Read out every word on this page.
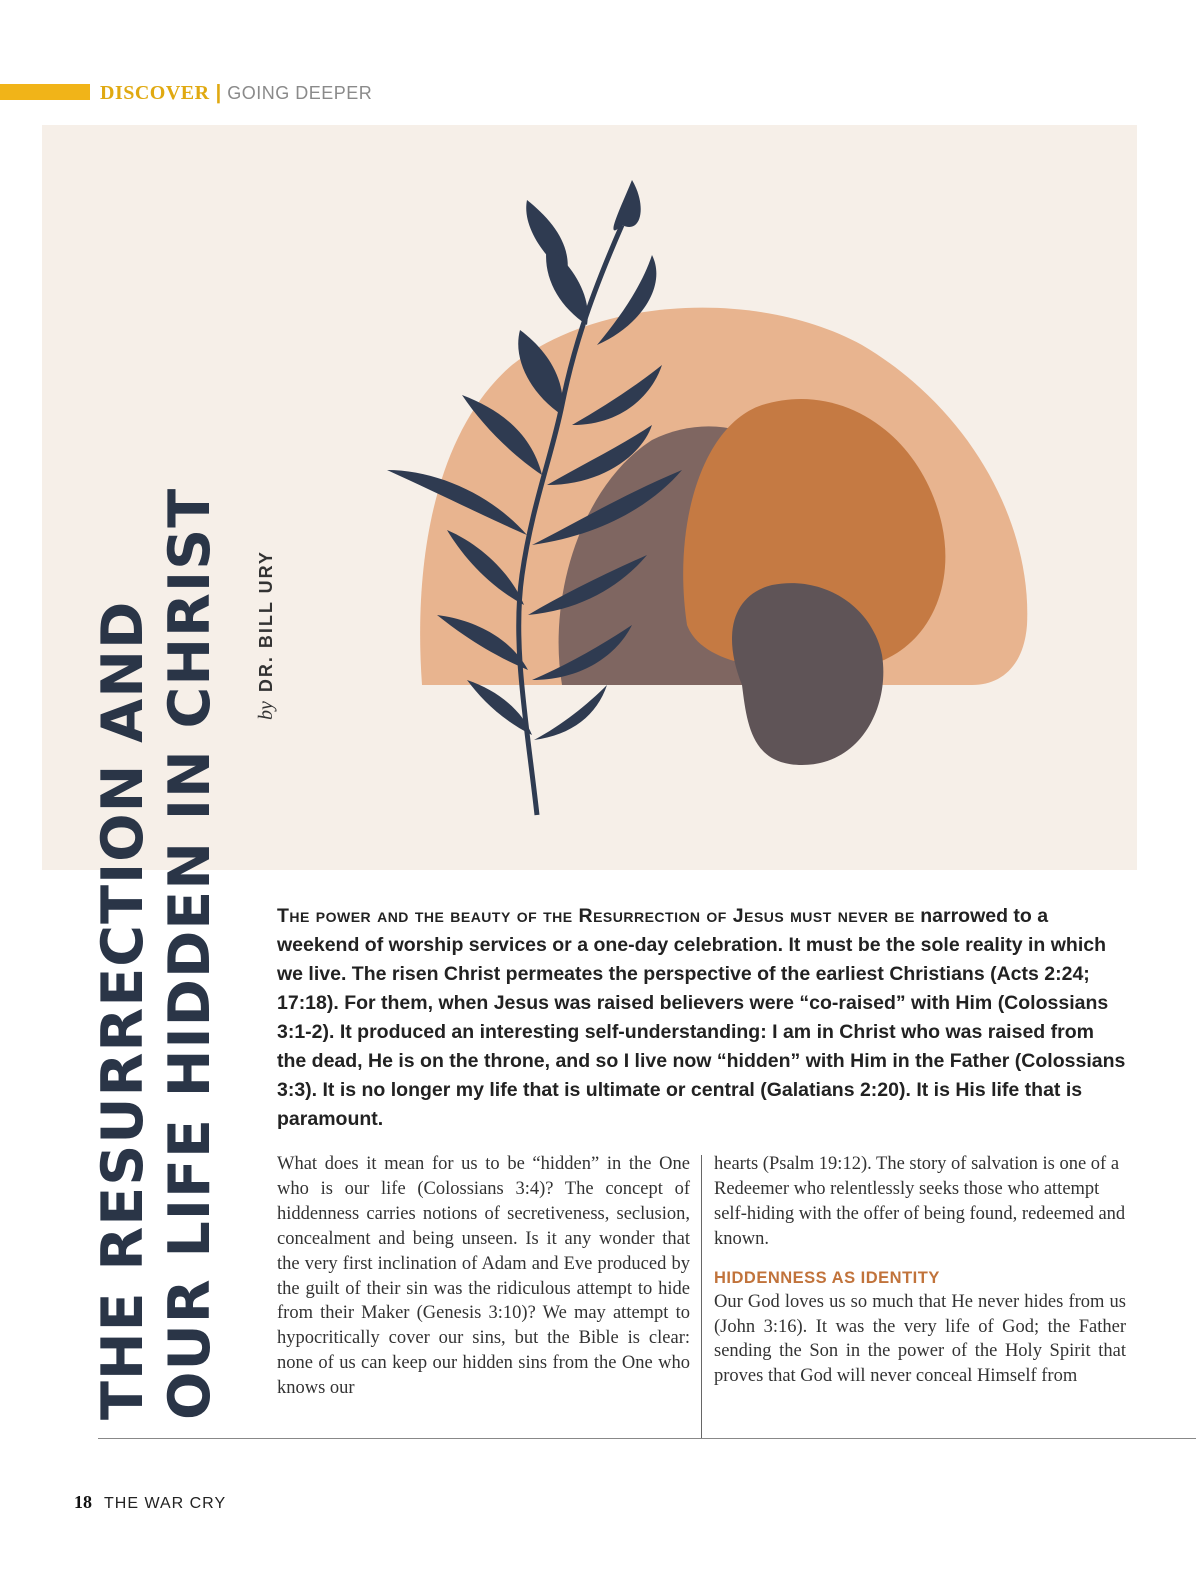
DISCOVER | GOING DEEPER
THE RESURRECTION AND OUR LIFE HIDDEN IN CHRIST by DR. BILL URY
The power and the beauty of the Resurrection of Jesus must never be narrowed to a weekend of worship services or a one-day celebration. It must be the sole reality in which we live. The risen Christ permeates the perspective of the earliest Christians (Acts 2:24; 17:18). For them, when Jesus was raised believers were “co-raised” with Him (Colossians 3:1-2). It produced an interesting self-understanding: I am in Christ who was raised from the dead, He is on the throne, and so I live now “hidden” with Him in the Father (Colossians 3:3). It is no longer my life that is ultimate or central (Galatians 2:20). It is His life that is paramount.

What does it mean for us to be “hidden” in the One who is our life (Colossians 3:4)? The concept of hiddenness carries notions of secretiveness, seclusion, concealment and being unseen. Is it any wonder that the very first inclination of Adam and Eve produced by the guilt of their sin was the ridiculous attempt to hide from their Maker (Genesis 3:10)? We may attempt to hypocritically cover our sins, but the Bible is clear: none of us can keep our hidden sins from the One who knows our

hearts (Psalm 19:12). The story of salvation is one of a Redeemer who relentlessly seeks those who attempt self-hiding with the offer of being found, redeemed and known.

HIDDENNESS AS IDENTITY

Our God loves us so much that He never hides from us (John 3:16). It was the very life of God; the Father sending the Son in the power of the Holy Spirit that proves that God will never conceal Himself from

18 THE WAR CRY
